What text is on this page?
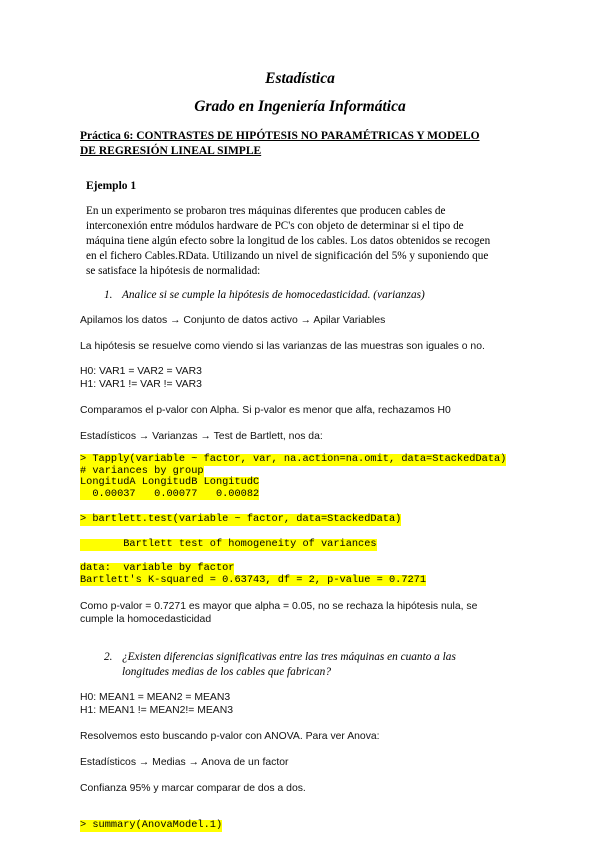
Estadística
Grado en Ingeniería Informática
Práctica 6: CONTRASTES DE HIPÓTESIS NO PARAMÉTRICAS Y MODELO
DE REGRESIÓN LINEAL SIMPLE
Ejemplo 1
En un experimento se probaron tres máquinas diferentes que producen cables de
interconexión entre módulos hardware de PC's con objeto de determinar si el tipo de
máquina tiene algún efecto sobre la longitud de los cables. Los datos obtenidos se recogen
en el fichero Cables.RData. Utilizando un nivel de significación del 5% y suponiendo que
se satisface la hipótesis de normalidad:
1. Analice si se cumple la hipótesis de homocedasticidad. (varianzas)
Apilamos los datos → Conjunto de datos activo → Apilar Variables
La hipótesis se resuelve como viendo si las varianzas de las muestras son iguales o no.
H0: VAR1 = VAR2 = VAR3
H1: VAR1 != VAR != VAR3
Comparamos el p-valor con Alpha. Si p-valor es menor que alfa, rechazamos H0
Estadísticos → Varianzas → Test de Bartlett, nos da:
> Tapply(variable ~ factor, var, na.action=na.omit, data=StackedData)
# variances by group
LongitudA LongitudB LongitudC
0.00037   0.00077   0.00082
> bartlett.test(variable ~ factor, data=StackedData)
Bartlett test of homogeneity of variances
data:  variable by factor
Bartlett's K-squared = 0.63743, df = 2, p-value = 0.7271
Como p-valor = 0.7271 es mayor que alpha = 0.05, no se rechaza la hipótesis nula, se
cumple la homocedasticidad
2. ¿Existen diferencias significativas entre las tres máquinas en cuanto a las
longitudes medias de los cables que fabrican?
H0: MEAN1 = MEAN2 = MEAN3
H1: MEAN1 != MEAN2!= MEAN3
Resolvemos esto buscando p-valor con ANOVA. Para ver Anova:
Estadísticos → Medias → Anova de un factor
Confianza 95% y marcar comparar de dos a dos.
> summary(AnovaModel.1)
